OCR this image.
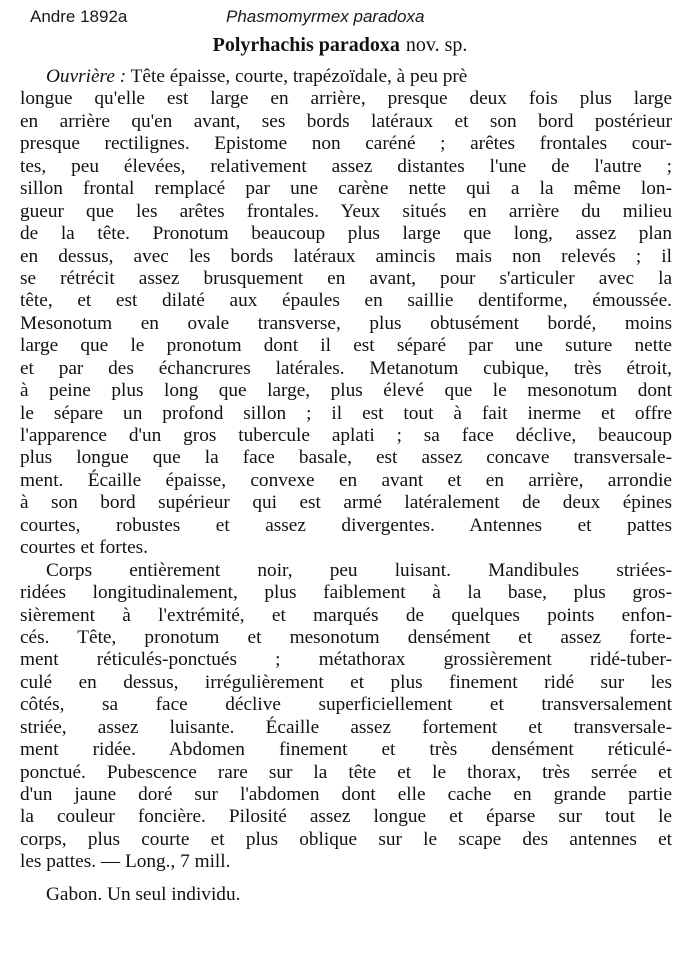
Andre 1892a	Phasmomyrmex paradoxa
Polyrhachis paradoxa nov. sp.
Ouvrière : Tête épaisse, courte, trapézoïdale, à peu prè
longue qu'elle est large en arrière, presque deux fois plus large
en arrière qu'en avant, ses bords latéraux et son bord postérieur
presque rectilignes. Epistome non caréné ; arêtes frontales cour-
tes, peu élevées, relativement assez distantes l'une de l'autre ;
sillon frontal remplacé par une carène nette qui a la même lon-
gueur que les arêtes frontales. Yeux situés en arrière du milieu
de la tête. Pronotum beaucoup plus large que long, assez plan
en dessus, avec les bords latéraux amincis mais non relevés ; il
se rétrécit assez brusquement en avant, pour s'articuler avec la
tête, et est dilaté aux épaules en saillie dentiforme, émoussée.
Mesonotum en ovale transverse, plus obtusément bordé, moins
large que le pronotum dont il est séparé par une suture nette
et par des échancrures latérales. Metanotum cubique, très étroit,
à peine plus long que large, plus élevé que le mesonotum dont
le sépare un profond sillon ; il est tout à fait inerme et offre
l'apparence d'un gros tubercule aplati ; sa face déclive, beaucoup
plus longue que la face basale, est assez concave transversale-
ment. Écaille épaisse, convexe en avant et en arrière, arrondie
à son bord supérieur qui est armé latéralement de deux épines
courtes, robustes et assez divergentes. Antennes et pattes
courtes et fortes.
Corps entièrement noir, peu luisant. Mandibules striées-
ridées longitudinalement, plus faiblement à la base, plus gros-
sièrement à l'extrémité, et marqués de quelques points enfon-
cés. Tête, pronotum et mesonotum densément et assez forte-
ment réticulés-ponctués ; métathorax grossièrement ridé-tuber-
culé en dessus, irrégulièrement et plus finement ridé sur les
côtés, sa face déclive superficiellement et transversalement
striée, assez luisante. Écaille assez fortement et transversale-
ment ridée. Abdomen finement et très densément réticulé-
ponctué. Pubescence rare sur la tête et le thorax, très serrée et
d'un jaune doré sur l'abdomen dont elle cache en grande partie
la couleur foncière. Pilosité assez longue et éparse sur tout le
corps, plus courte et plus oblique sur le scape des antennes et
les pattes. — Long., 7 mill.
Gabon. Un seul individu.
